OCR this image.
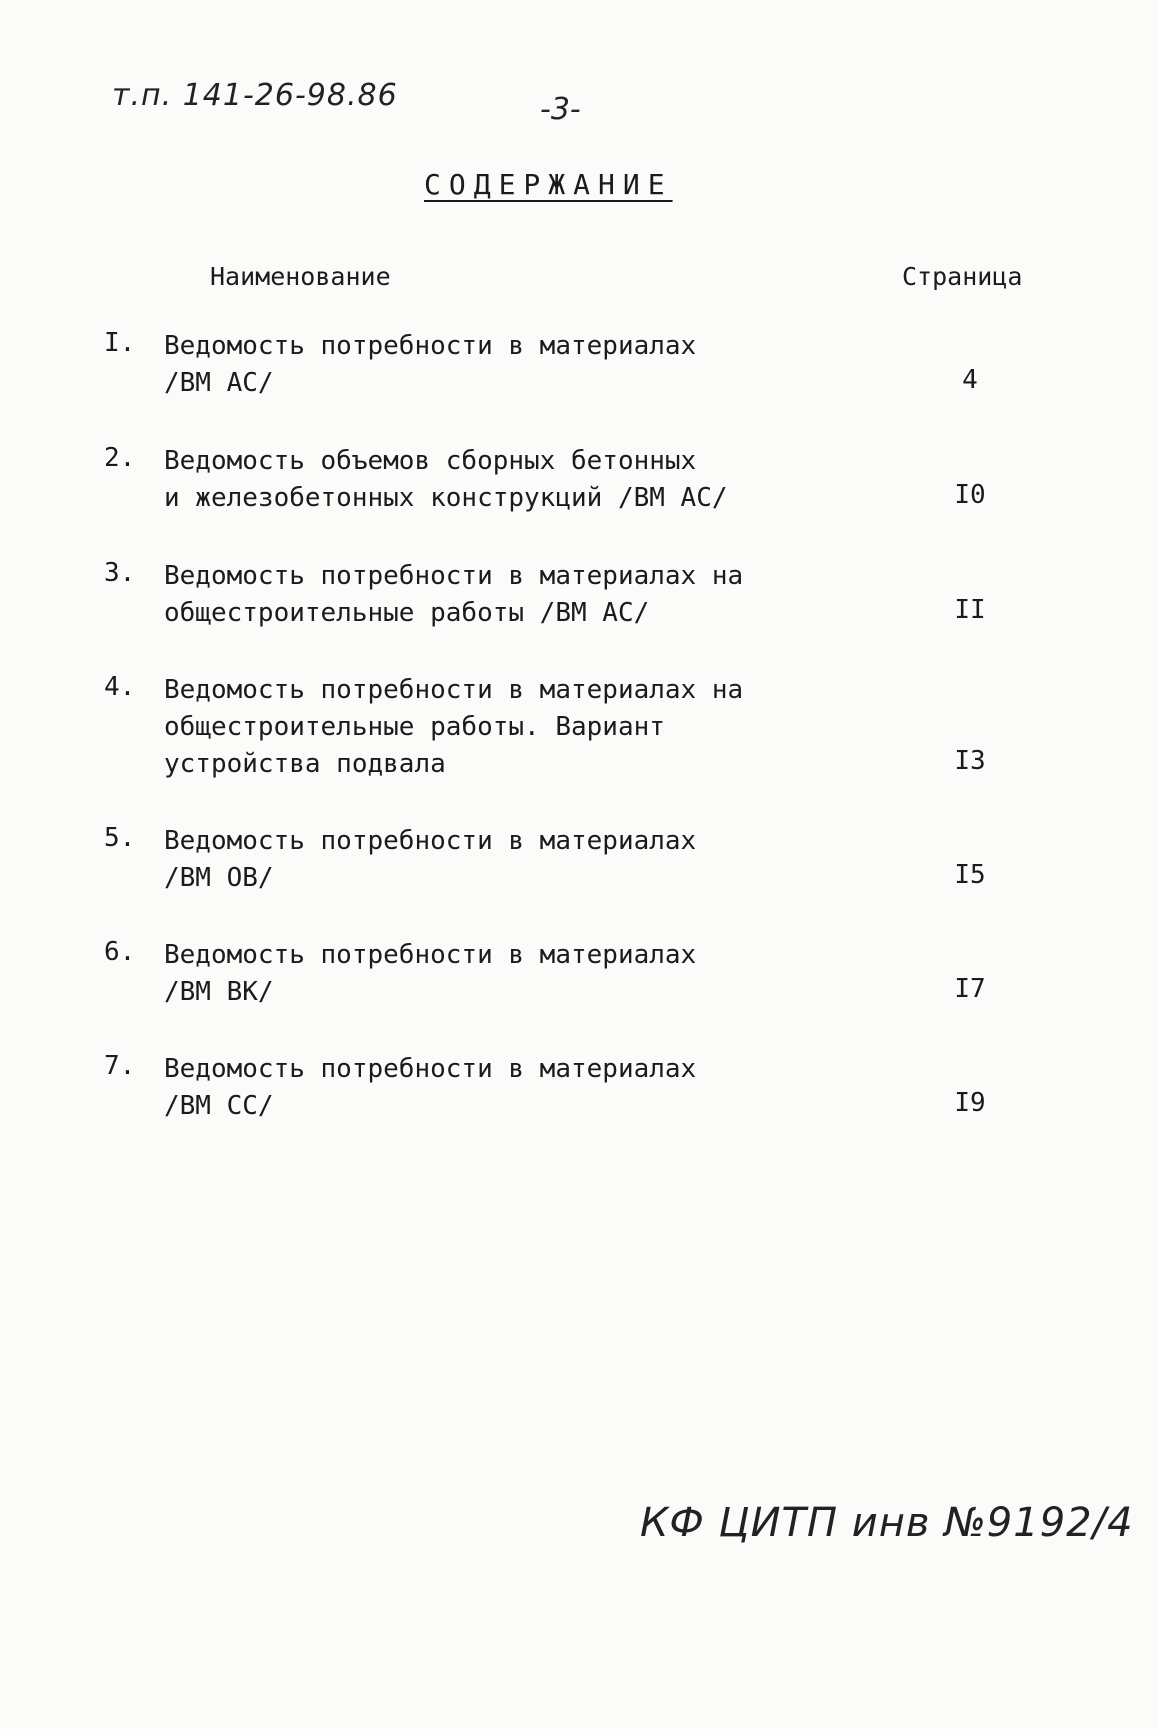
т.п. 141-26-98.86	-3-
СОДЕРЖАНИЕ
Наименование	Страница
I. Ведомость потребности в материалах
/ВМ АС/	4
2. Ведомость объемов сборных бетонных
и железобетонных конструкций /ВМ АС/	I0
3. Ведомость потребности в материалах на
общестроительные работы /ВМ АС/	II
4. Ведомость потребности в материалах на
общестроительные работы. Вариант
устройства подвала	I3
5. Ведомость потребности в материалах
/ВМ ОВ/	I5
6. Ведомость потребности в материалах
/ВМ ВК/	I7
7. Ведомость потребности в материалах
/ВМ СС/	I9
КФ ЦИТП инв №9192/4
